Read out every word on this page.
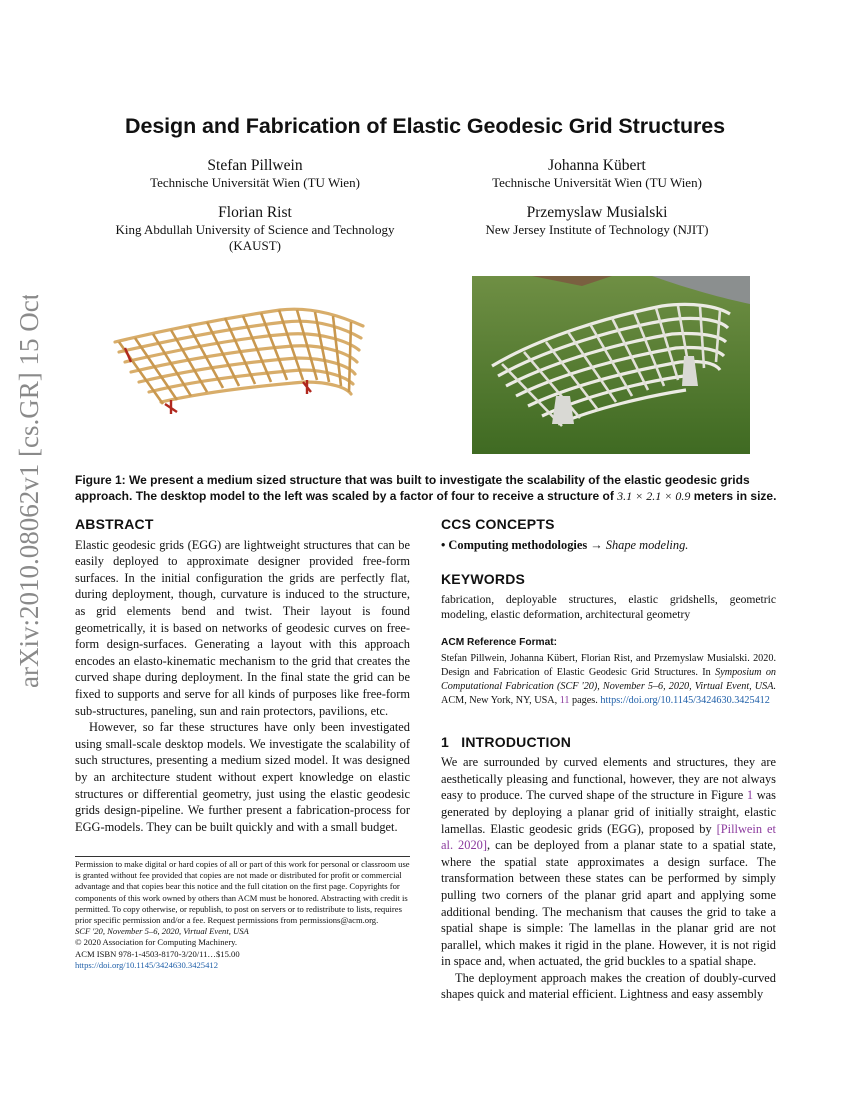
arXiv:2010.08062v1 [cs.GR] 15 Oct 2020
Design and Fabrication of Elastic Geodesic Grid Structures
Stefan Pillwein
Technische Universität Wien (TU Wien)
Johanna Kübert
Technische Universität Wien (TU Wien)
Florian Rist
King Abdullah University of Science and Technology
(KAUST)
Przemyslaw Musialski
New Jersey Institute of Technology (NJIT)
Figure 1: We present a medium sized structure that was built to investigate the scalability of the elastic geodesic grids approach. The desktop model to the left was scaled by a factor of four to receive a structure of 3.1 × 2.1 × 0.9 meters in size.
ABSTRACT

Elastic geodesic grids (EGG) are lightweight structures that can be easily deployed to approximate designer provided free-form surfaces. In the initial configuration the grids are perfectly flat, during deployment, though, curvature is induced to the structure, as grid elements bend and twist. Their layout is found geometrically, it is based on networks of geodesic curves on free-form design-surfaces. Generating a layout with this approach encodes an elasto-kinematic mechanism to the grid that creates the curved shape during deployment. In the final state the grid can be fixed to supports and serve for all kinds of purposes like free-form sub-structures, paneling, sun and rain protectors, pavilions, etc.

However, so far these structures have only been investigated using small-scale desktop models. We investigate the scalability of such structures, presenting a medium sized model. It was designed by an architecture student without expert knowledge on elastic structures or differential geometry, just using the elastic geodesic grids design-pipeline. We further present a fabrication-process for EGG-models. They can be built quickly and with a small budget.

Permission to make digital or hard copies of all or part of this work for personal or classroom use is granted without fee provided that copies are not made or distributed for profit or commercial advantage and that copies bear this notice and the full citation on the first page. Copyrights for components of this work owned by others than ACM must be honored. Abstracting with credit is permitted. To copy otherwise, or republish, to post on servers or to redistribute to lists, requires prior specific permission and/or a fee. Request permissions from permissions@acm.org.

SCF '20, November 5–6, 2020, Virtual Event, USA

© 2020 Association for Computing Machinery.

ACM ISBN 978-1-4503-8170-3/20/11…$15.00

https://doi.org/10.1145/3424630.3425412

CCS CONCEPTS

• Computing methodologies → Shape modeling.

KEYWORDS

fabrication, deployable structures, elastic gridshells, geometric modeling, elastic deformation, architectural geometry

ACM Reference Format:

Stefan Pillwein, Johanna Kübert, Florian Rist, and Przemyslaw Musialski. 2020. Design and Fabrication of Elastic Geodesic Grid Structures. In Symposium on Computational Fabrication (SCF '20), November 5–6, 2020, Virtual Event, USA. ACM, New York, NY, USA, 11 pages. https://doi.org/10.1145/3424630.3425412

1 INTRODUCTION

We are surrounded by curved elements and structures, they are aesthetically pleasing and functional, however, they are not always easy to produce. The curved shape of the structure in Figure 1 was generated by deploying a planar grid of initially straight, elastic lamellas. Elastic geodesic grids (EGG), proposed by [Pillwein et al. 2020], can be deployed from a planar state to a spatial state, where the spatial state approximates a design surface. The transformation between these states can be performed by simply pulling two corners of the planar grid apart and applying some additional bending. The mechanism that causes the grid to take a spatial shape is simple: The lamellas in the planar grid are not parallel, which makes it rigid in the plane. However, it is not rigid in space and, when actuated, the grid buckles to a spatial shape.

The deployment approach makes the creation of doubly-curved shapes quick and material efficient. Lightness and easy assembly
